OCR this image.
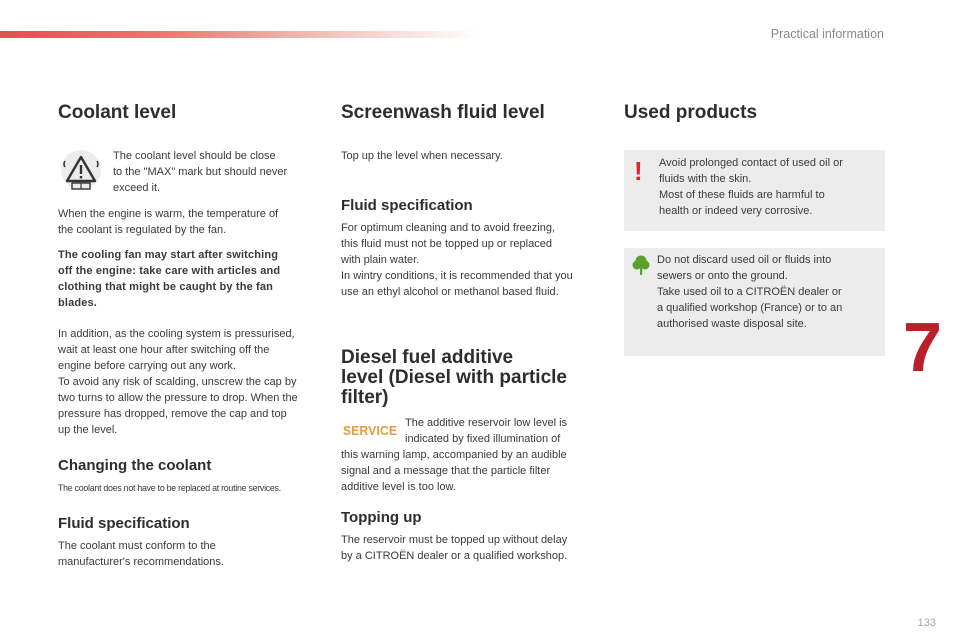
Practical information
7
133
Coolant level

The coolant level should be close
to the "MAX" mark but should never
exceed it.

When the engine is warm, the temperature of
the coolant is regulated by the fan.

The cooling fan may start after switching
off the engine: take care with articles and
clothing that might be caught by the fan
blades.

In addition, as the cooling system is pressurised,
wait at least one hour after switching off the
engine before carrying out any work.
To avoid any risk of scalding, unscrew the cap by
two turns to allow the pressure to drop. When the
pressure has dropped, remove the cap and top
up the level.

Changing the coolant

The coolant does not have to be replaced at routine services.

Fluid specification

The coolant must conform to the
manufacturer's recommendations.

Screenwash fluid level

Top up the level when necessary.

Fluid specification

For optimum cleaning and to avoid freezing,
this fluid must not be topped up or replaced
with plain water.
In wintry conditions, it is recommended that you
use an ethyl alcohol or methanol based fluid.

Diesel fuel additive
level (Diesel with particle
filter)
SERVICE The additive reservoir low level is
indicated by fixed illumination of

this warning lamp, accompanied by an audible
signal and a message that the particle filter
additive level is too low.

Topping up

The reservoir must be topped up without delay
by a CITROËN dealer or a qualified workshop.

Used products
! Avoid prolonged contact of used oil or
fluids with the skin.
Most of these fluids are harmful to
health or indeed very corrosive.

Do not discard used oil or fluids into
sewers or onto the ground.
Take used oil to a CITROËN dealer or
a qualified workshop (France) or to an
authorised waste disposal site.
